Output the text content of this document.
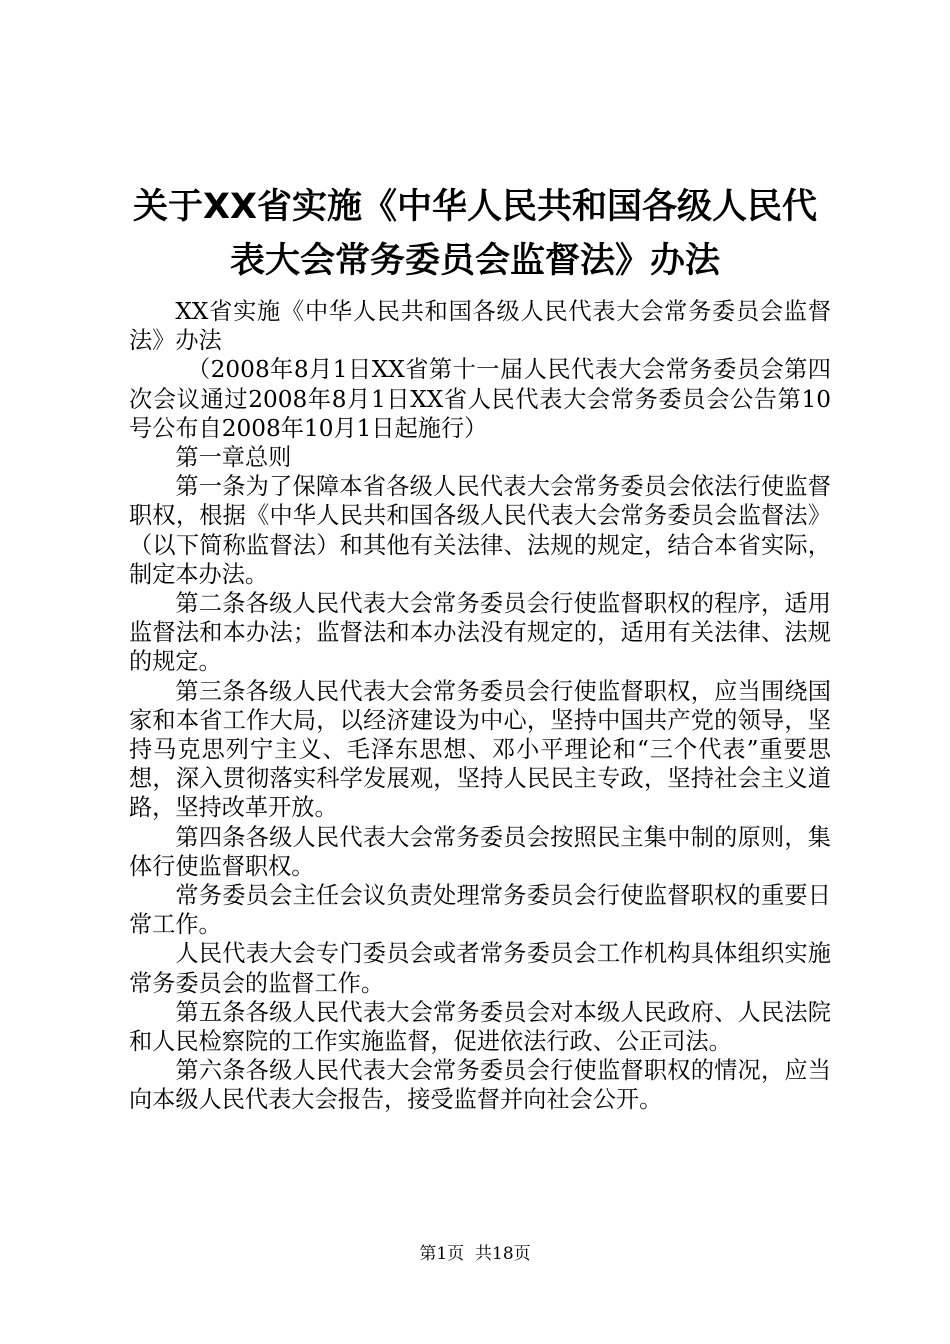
关于XX省实施《中华人民共和国各级人民代
表大会常务委员会监督法》办法

XX省实施《中华人民共和国各级人民代表大会常务委员会监督法》办法

（2008年8月1日XX省第十一届人民代表大会常务委员会第四次会议通过2008年8月1日XX省人民代表大会常务委员会公告第10号公布自2008年10月1日起施行）

第一章总则

第一条为了保障本省各级人民代表大会常务委员会依法行使监督职权，根据《中华人民共和国各级人民代表大会常务委员会监督法》（以下简称监督法）和其他有关法律、法规的规定，结合本省实际，制定本办法。

第二条各级人民代表大会常务委员会行使监督职权的程序，适用监督法和本办法；监督法和本办法没有规定的，适用有关法律、法规的规定。

第三条各级人民代表大会常务委员会行使监督职权，应当围绕国家和本省工作大局，以经济建设为中心，坚持中国共产党的领导，坚持马克思列宁主义、毛泽东思想、邓小平理论和“三个代表”重要思想，深入贯彻落实科学发展观，坚持人民民主专政，坚持社会主义道路，坚持改革开放。

第四条各级人民代表大会常务委员会按照民主集中制的原则，集体行使监督职权。

常务委员会主任会议负责处理常务委员会行使监督职权的重要日常工作。

人民代表大会专门委员会或者常务委员会工作机构具体组织实施常务委员会的监督工作。

第五条各级人民代表大会常务委员会对本级人民政府、人民法院和人民检察院的工作实施监督，促进依法行政、公正司法。

第六条各级人民代表大会常务委员会行使监督职权的情况，应当向本级人民代表大会报告，接受监督并向社会公开。

第1页 共18页
